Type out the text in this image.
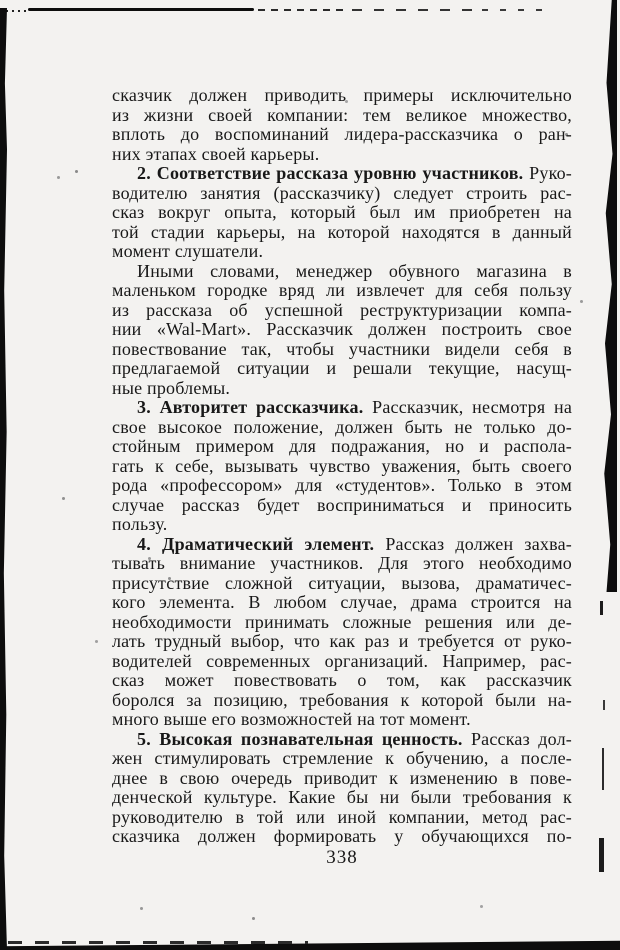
сказчик должен приводить примеры исключительно
из жизни своей компании: тем великое множество,
вплоть до воспоминаний лидера-рассказчика о ран-
них этапах своей карьеры.
2. Соответствие рассказа уровню участников. Руко-
водителю занятия (рассказчику) следует строить рас-
сказ вокруг опыта, который был им приобретен на
той стадии карьеры, на которой находятся в данный
момент слушатели.
Иными словами, менеджер обувного магазина в
маленьком городке вряд ли извлечет для себя пользу
из рассказа об успешной реструктуризации компа-
нии «Wal-Mart». Рассказчик должен построить свое
повествование так, чтобы участники видели себя в
предлагаемой ситуации и решали текущие, насущ-
ные проблемы.
3. Авторитет рассказчика. Рассказчик, несмотря на
свое высокое положение, должен быть не только до-
стойным примером для подражания, но и распола-
гать к себе, вызывать чувство уважения, быть своего
рода «профессором» для «студентов». Только в этом
случае рассказ будет восприниматься и приносить
пользу.
4. Драматический элемент. Рассказ должен захва-
тывать внимание участников. Для этого необходимо
присутствие сложной ситуации, вызова, драматичес-
кого элемента. В любом случае, драма строится на
необходимости принимать сложные решения или де-
лать трудный выбор, что как раз и требуется от руко-
водителей современных организаций. Например, рас-
сказ может повествовать о том, как рассказчик
боролся за позицию, требования к которой были на-
много выше его возможностей на тот момент.
5. Высокая познавательная ценность. Рассказ дол-
жен стимулировать стремление к обучению, а после-
днее в свою очередь приводит к изменению в пове-
денческой культуре. Какие бы ни были требования к
руководителю в той или иной компании, метод рас-
сказчика должен формировать у обучающихся по-
338
